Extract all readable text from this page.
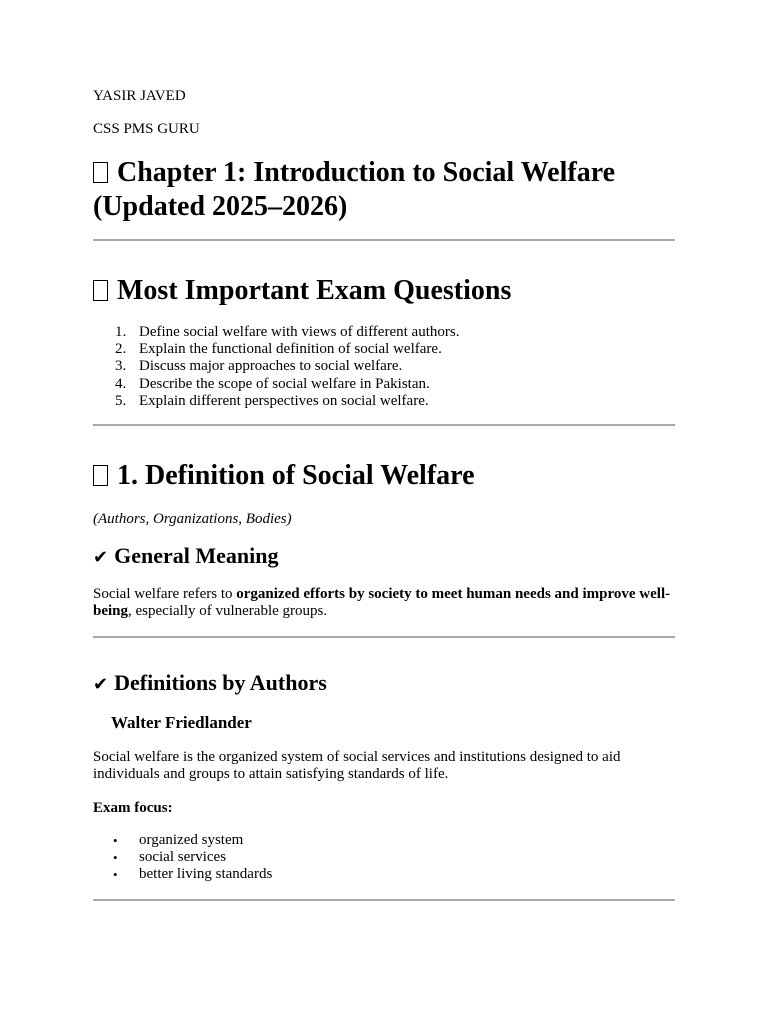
YASIR JAVED
CSS PMS GURU
Chapter 1: Introduction to Social Welfare (Updated 2025–2026)
Most Important Exam Questions
1. Define social welfare with views of different authors.
2. Explain the functional definition of social welfare.
3. Discuss major approaches to social welfare.
4. Describe the scope of social welfare in Pakistan.
5. Explain different perspectives on social welfare.
1. Definition of Social Welfare
(Authors, Organizations, Bodies)
✔ General Meaning

Social welfare refers to organized efforts by society to meet human needs and improve well-being, especially of vulnerable groups.

✔ Definitions by Authors
Walter Friedlander

Social welfare is the organized system of social services and institutions designed to aid individuals and groups to attain satisfying standards of life.

Exam focus:
• organized system
• social services
• better living standards
